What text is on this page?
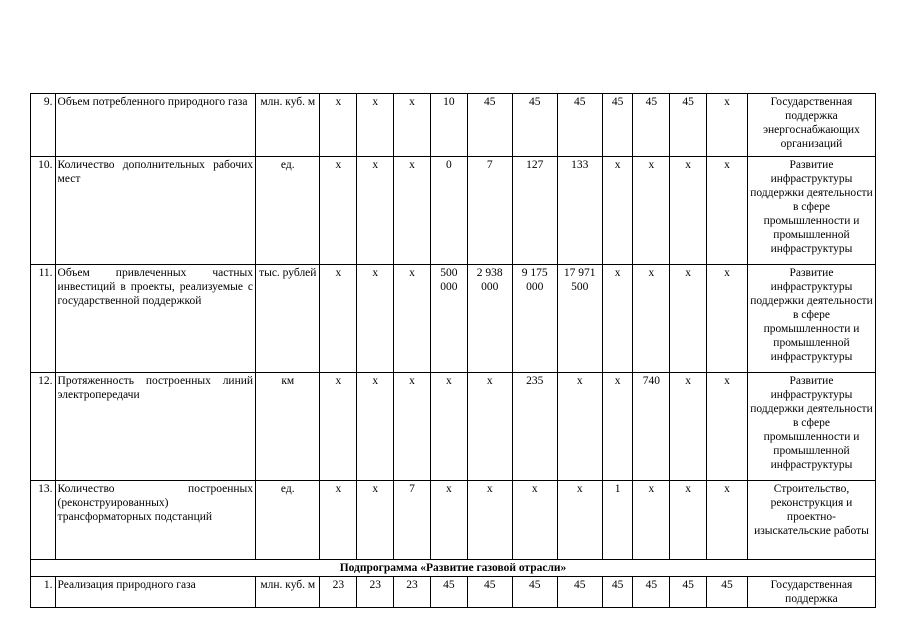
9.	Объем потребленного природного газа	млн. куб. м	х	х	х	10	45	45	45	45	45	45	х	Государственная поддержка энергоснабжающих организаций
10.	Количество дополнительных рабочих мест	ед.	х	х	х	0	7	127	133	х	х	х	х	Развитие инфраструктуры поддержки деятельности в сфере промышленности и промышленной инфраструктуры
11.	Объем привлеченных частных инвестиций в проекты, реализуемые с государственной поддержкой	тыс. рублей	х	х	х	500 000	2 938 000	9 175 000	17 971 500	х	х	х	х	Развитие инфраструктуры поддержки деятельности в сфере промышленности и промышленной инфраструктуры
12.	Протяженность построенных линий электропередачи	км	х	х	х	х	х	235	х	х	740	х	х	Развитие инфраструктуры поддержки деятельности в сфере промышленности и промышленной инфраструктуры
13.	Количество построенных (реконструированных) трансформаторных подстанций	ед.	х	х	7	х	х	х	х	1	х	х	х	Строительство, реконструкция и проектно-изыскательские работы
Подпрограмма «Развитие газовой отрасли»														
1.	Реализация природного газа	млн. куб. м	23	23	23	45	45	45	45	45	45	45	45	Государственная поддержка
